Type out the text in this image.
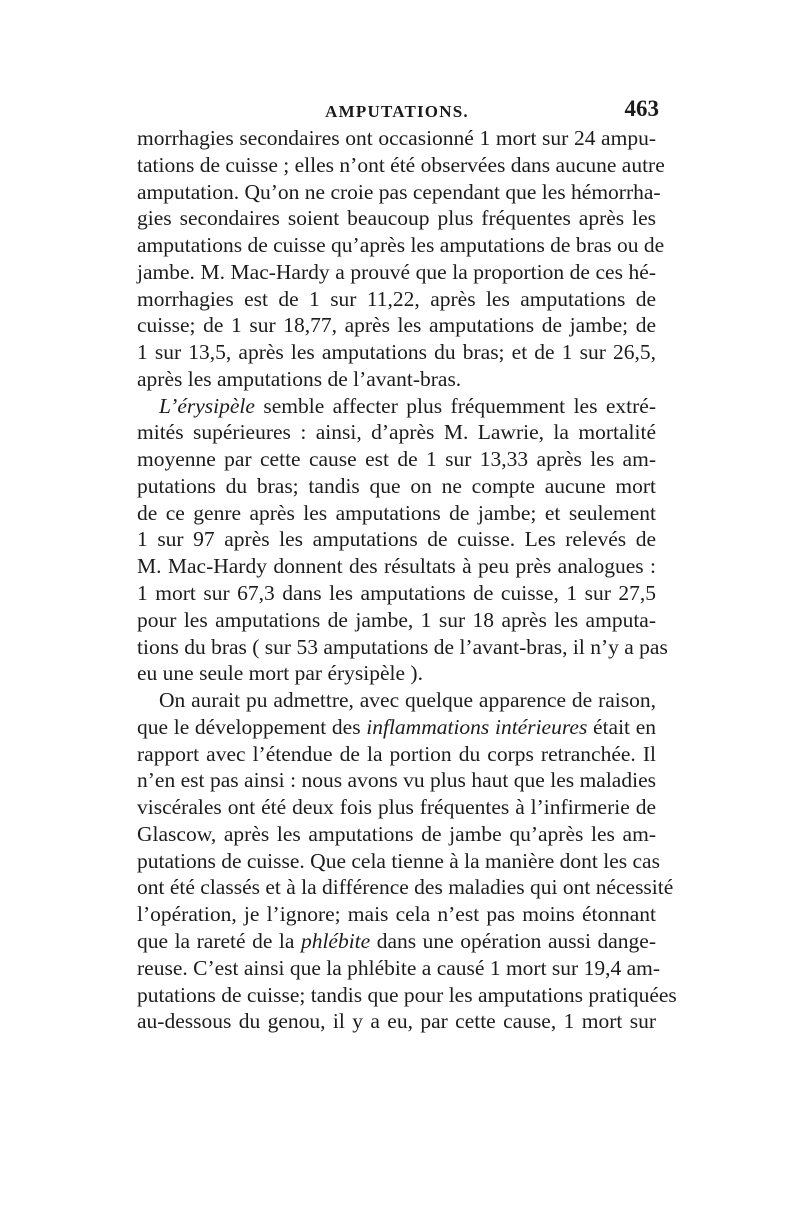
AMPUTATIONS.	463
morrhagies secondaires ont occasionné 1 mort sur 24 ampu-
tations de cuisse ; elles n’ont été observées dans aucune autre
amputation. Qu’on ne croie pas cependant que les hémorrha-
gies secondaires soient beaucoup plus fréquentes après les
amputations de cuisse qu’après les amputations de bras ou de
jambe. M. Mac-Hardy a prouvé que la proportion de ces hé-
morrhagies est de 1 sur 11,22, après les amputations de
cuisse; de 1 sur 18,77, après les amputations de jambe; de
1 sur 13,5, après les amputations du bras; et de 1 sur 26,5,
après les amputations de l’avant-bras.
L’érysipèle semble affecter plus fréquemment les extré-
mités supérieures : ainsi, d’après M. Lawrie, la mortalité
moyenne par cette cause est de 1 sur 13,33 après les am-
putations du bras; tandis que on ne compte aucune mort
de ce genre après les amputations de jambe; et seulement
1 sur 97 après les amputations de cuisse. Les relevés de
M. Mac-Hardy donnent des résultats à peu près analogues :
1 mort sur 67,3 dans les amputations de cuisse, 1 sur 27,5
pour les amputations de jambe, 1 sur 18 après les amputa-
tions du bras ( sur 53 amputations de l’avant-bras, il n’y a pas
eu une seule mort par érysipèle ).
On aurait pu admettre, avec quelque apparence de raison,
que le développement des inflammations intérieures était en
rapport avec l’étendue de la portion du corps retranchée. Il
n’en est pas ainsi : nous avons vu plus haut que les maladies
viscérales ont été deux fois plus fréquentes à l’infirmerie de
Glascow, après les amputations de jambe qu’après les am-
putations de cuisse. Que cela tienne à la manière dont les cas
ont été classés et à la différence des maladies qui ont nécessité
l’opération, je l’ignore; mais cela n’est pas moins étonnant
que la rareté de la phlébite dans une opération aussi dange-
reuse. C’est ainsi que la phlébite a causé 1 mort sur 19,4 am-
putations de cuisse; tandis que pour les amputations pratiquées
au-dessous du genou, il y a eu, par cette cause, 1 mort sur
